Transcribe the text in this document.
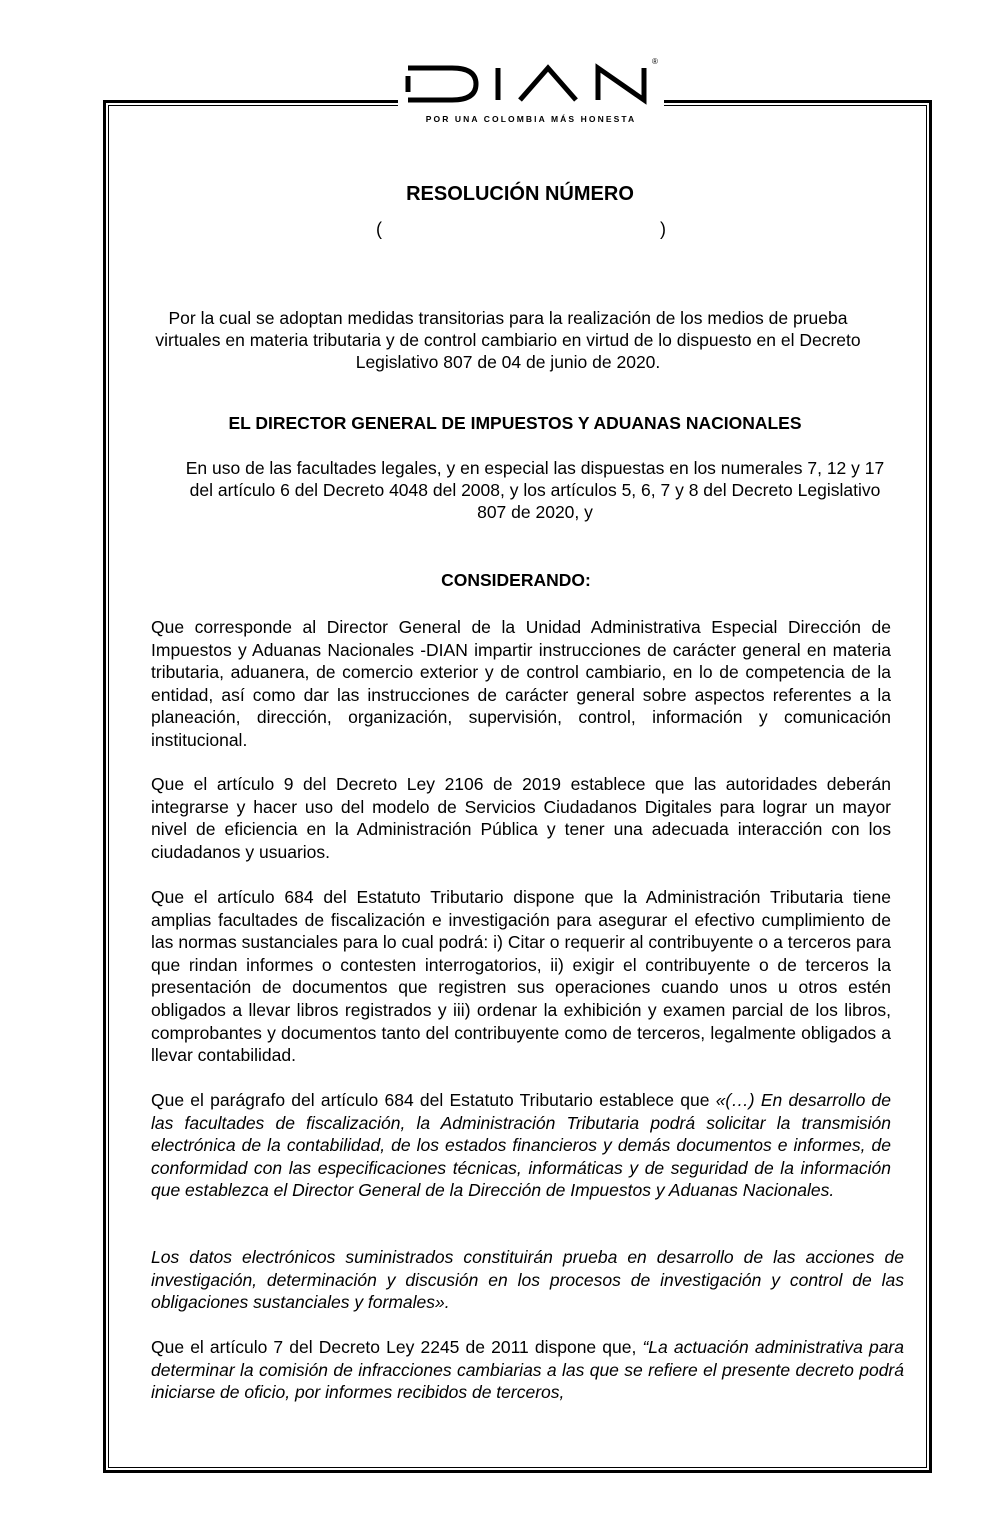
®
POR UNA COLOMBIA MÁS HONESTA
RESOLUCIÓN NÚMERO
(	)
Por la cual se adoptan medidas transitorias para la realización de los medios de prueba virtuales en materia tributaria y de control cambiario en virtud de lo dispuesto en el Decreto Legislativo 807 de 04 de junio de 2020.
EL DIRECTOR GENERAL DE IMPUESTOS Y ADUANAS NACIONALES
En uso de las facultades legales, y en especial las dispuestas en los numerales 7, 12 y 17 del artículo 6 del Decreto 4048 del 2008, y los artículos 5, 6, 7 y 8 del Decreto Legislativo 807 de 2020, y
CONSIDERANDO:

Que corresponde al Director General de la Unidad Administrativa Especial Dirección de Impuestos y Aduanas Nacionales -DIAN impartir instrucciones de carácter general en materia tributaria, aduanera, de comercio exterior y de control cambiario, en lo de competencia de la entidad, así como dar las instrucciones de carácter general sobre aspectos referentes a la planeación, dirección, organización, supervisión, control, información y comunicación institucional.

Que el artículo 9 del Decreto Ley 2106 de 2019 establece que las autoridades deberán integrarse y hacer uso del modelo de Servicios Ciudadanos Digitales para lograr un mayor nivel de eficiencia en la Administración Pública y tener una adecuada interacción con los ciudadanos y usuarios.

Que el artículo 684 del Estatuto Tributario dispone que la Administración Tributaria tiene amplias facultades de fiscalización e investigación para asegurar el efectivo cumplimiento de las normas sustanciales para lo cual podrá: i) Citar o requerir al contribuyente o a terceros para que rindan informes o contesten interrogatorios, ii) exigir el contribuyente o de terceros la presentación de documentos que registren sus operaciones cuando unos u otros estén obligados a llevar libros registrados y iii) ordenar la exhibición y examen parcial de los libros, comprobantes y documentos tanto del contribuyente como de terceros, legalmente obligados a llevar contabilidad.

Que el parágrafo del artículo 684 del Estatuto Tributario establece que «(…) En desarrollo de las facultades de fiscalización, la Administración Tributaria podrá solicitar la transmisión electrónica de la contabilidad, de los estados financieros y demás documentos e informes, de conformidad con las especificaciones técnicas, informáticas y de seguridad de la información que establezca el Director General de la Dirección de Impuestos y Aduanas Nacionales.

Los datos electrónicos suministrados constituirán prueba en desarrollo de las acciones de investigación, determinación y discusión en los procesos de investigación y control de las obligaciones sustanciales y formales».

Que el artículo 7 del Decreto Ley 2245 de 2011 dispone que, “La actuación administrativa para determinar la comisión de infracciones cambiarias a las que se refiere el presente decreto podrá iniciarse de oficio, por informes recibidos de terceros,
